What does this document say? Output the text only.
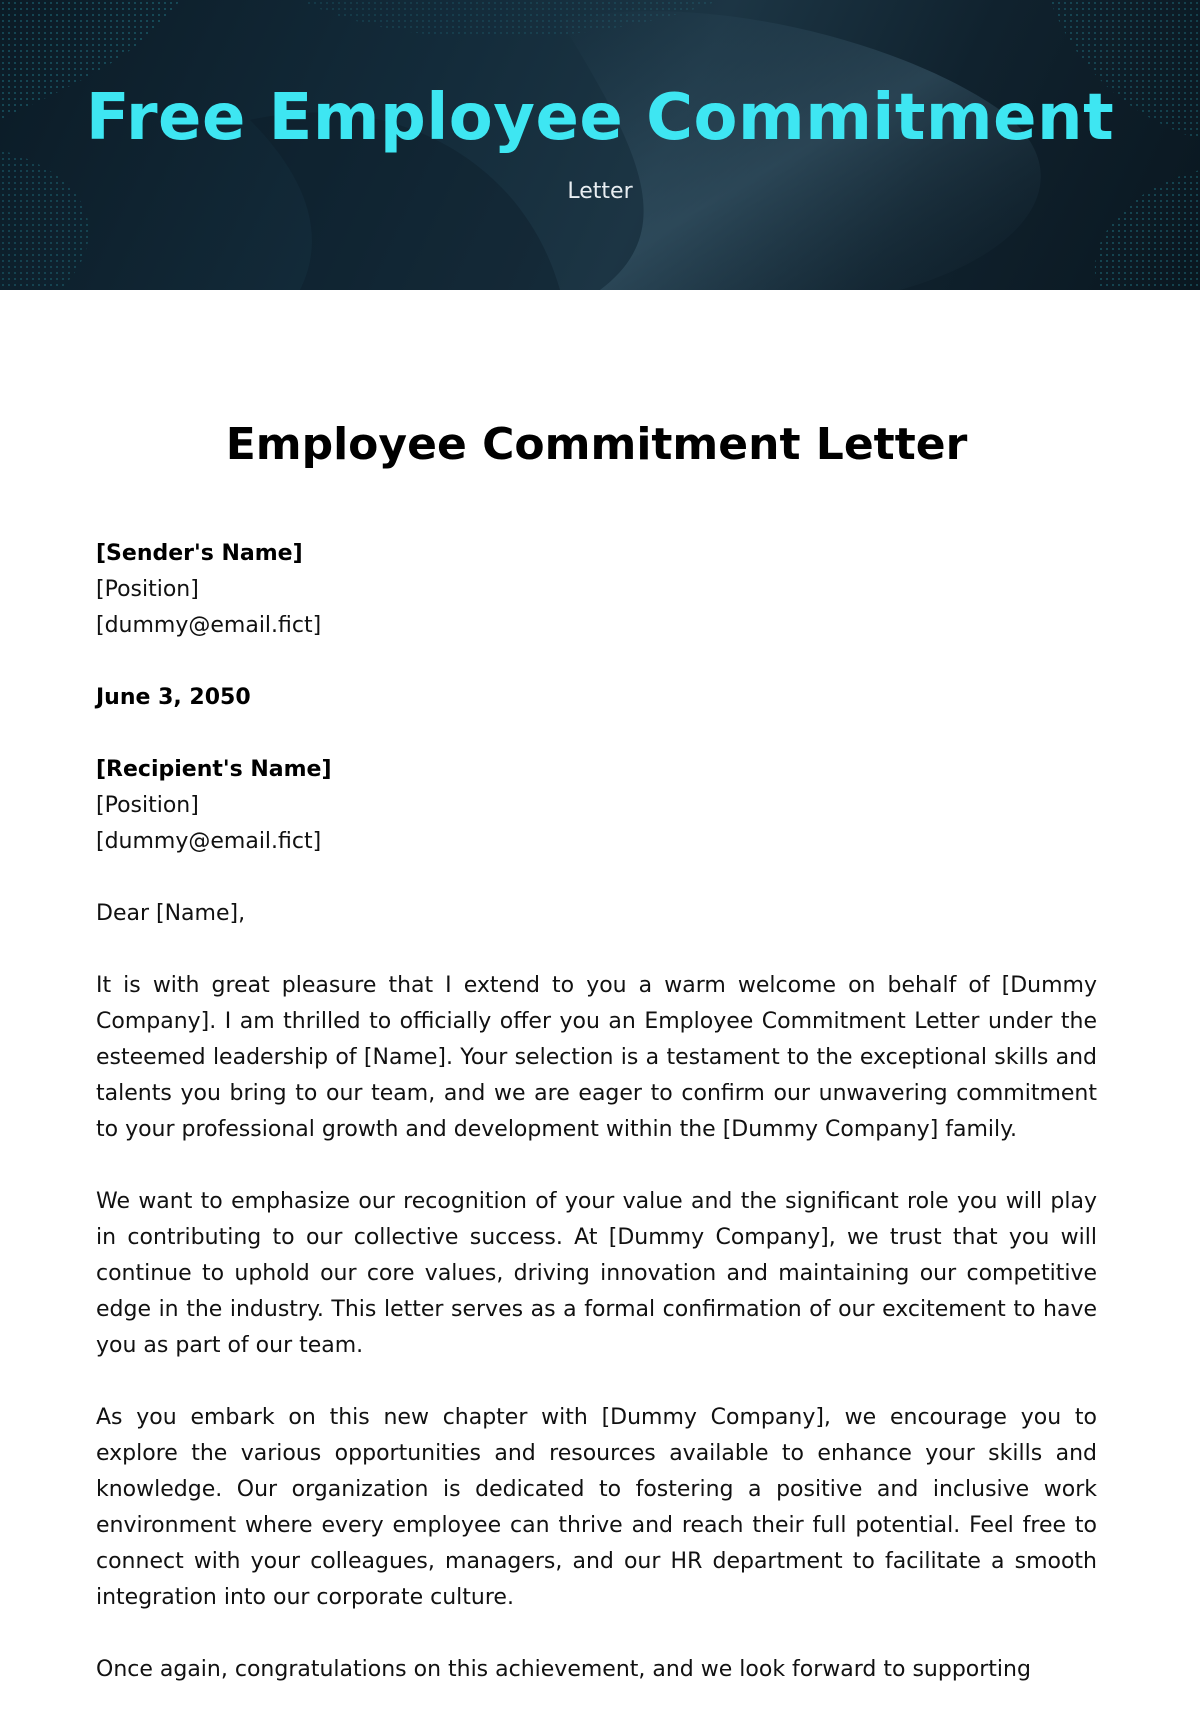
Free Employee Commitment
Letter
Employee Commitment Letter
[Sender's Name]
[Position]
[dummy@email.fict]
June 3, 2050
[Recipient's Name]
[Position]
[dummy@email.fict]
Dear [Name],

It is with great pleasure that I extend to you a warm welcome on behalf of [Dummy Company]. I am thrilled to officially offer you an Employee Commitment Letter under the esteemed leadership of [Name]. Your selection is a testament to the exceptional skills and talents you bring to our team, and we are eager to confirm our unwavering commitment to your professional growth and development within the [Dummy Company] family.

We want to emphasize our recognition of your value and the significant role you will play in contributing to our collective success. At [Dummy Company], we trust that you will continue to uphold our core values, driving innovation and maintaining our competitive edge in the industry. This letter serves as a formal confirmation of our excitement to have you as part of our team.

As you embark on this new chapter with [Dummy Company], we encourage you to explore the various opportunities and resources available to enhance your skills and knowledge. Our organization is dedicated to fostering a positive and inclusive work environment where every employee can thrive and reach their full potential. Feel free to connect with your colleagues, managers, and our HR department to facilitate a smooth integration into our corporate culture.

Once again, congratulations on this achievement, and we look forward to supporting
